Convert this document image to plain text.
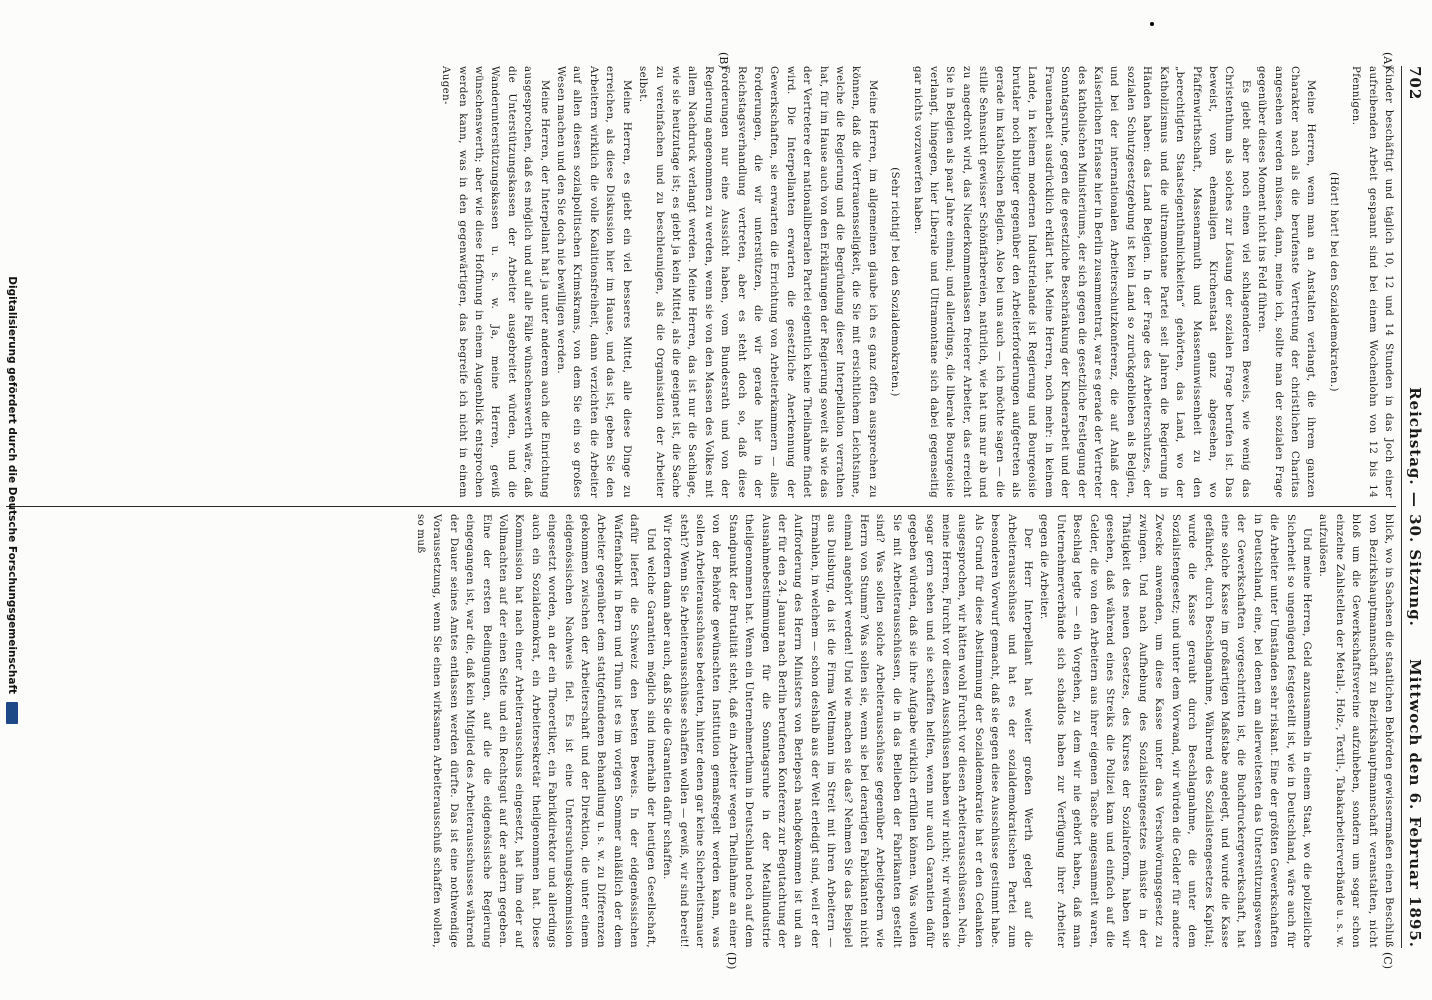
702
Reichstag. — 30. Sitzung.
Mittwoch den 6. Februar 1895.
(A)
(B)
(C)
(D)

Kinder beschäftigt und täglich 10, 12 und 14 Stunden in das Joch einer aufreibenden Arbeit gespannt sind bei einem Wochenlohn von 12 bis 14 Pfennigen.

(Hört! hört! bei den Sozialdemokraten.)

Meine Herren, wenn man an Anstalten verlangt, die ihrem ganzen Charakter nach als die berufenste Vertretung der christlichen Charitas angesehen werden müssen, dann, meine ich, sollte man der sozialen Frage gegenüber dieses Moment nicht ins Feld führen.

Es giebt aber noch einen viel schlagenderen Beweis, wie wenig das Christenthum als solches zur Lösung der sozialen Frage berufen ist. Das beweist, vom ehemaligen Kirchenstaat ganz abgesehen, wo Pfaffenwirthschaft, Massenarmuth und Massenunwissenheit zu den „berechtigten Staatseigenthümlichkeiten“ gehörten, das Land, wo der Katholizismus und die ultramontane Partei seit Jahren die Regierung in Händen haben: das Land Belgien. In der Frage des Arbeiterschutzes, der sozialen Schutzgesetzgebung ist kein Land so zurückgeblieben als Belgien, und bei der internationalen Arbeiterschutzkonferenz, die auf Anlaß der Kaiserlichen Erlasse hier in Berlin zusammentrat, war es gerade der Vertreter des katholischen Ministeriums, der sich gegen die gesetzliche Festlegung der Sonntagsruhe, gegen die gesetzliche Beschränkung der Kinderarbeit und der Frauenarbeit ausdrücklich erklärt hat. Meine Herren, noch mehr: in keinem Lande, in keinem modernen Industrielande ist Regierung und Bourgeoisie brutaler noch blutiger gegenüber den Arbeiterforderungen aufgetreten als gerade im katholischen Belgien. Also bei uns auch — ich möchte sagen — die stille Sehnsucht gewisser Schönfärbereien, natürlich, wie hat uns nur ab und zu angedroht wird, das Niederkommenlassen freierer Arbeiter, das erreicht Sie in Belgien als paar Jahre einmal; und allerdings, die liberale Bourgeoisie verlangt, hingegen, hier Liberale und Ultramontane sich dabei gegenseitig gar nichts vorzuwerfen haben.

(Sehr richtig! bei den Sozialdemokraten.)

Meine Herren, im allgemeinen glaube ich es ganz offen aussprechen zu können, daß die Vertrauensseligkeit, die Sie mit ersichtlichem Leichtsinne, welche die Regierung und die Begründung dieser Interpellation verrathen hat, für im Hause auch von den Erklärungen der Regierung soweit als wie das der Vertretere der nationalliberalen Partei eigentlich keine Theilnahme findet wird. Die Interpellanten erwarten die gesetzliche Anerkennung der Gewerkschaften, sie erwarten die Errichtung von Arbeiterkammern — alles Forderungen, die wir unterstützen, die wir gerade hier in der Reichstagsverhandlung vertreten, aber es steht doch so, daß diese Forderungen nur eine Aussicht haben, vom Bundesrath und von der Regierung angenommen zu werden, wenn sie von den Massen des Volkes mit allem Nachdruck verlangt werden. Meine Herren, das ist nur die Sachlage, wie sie heutzutage ist; es giebt ja kein Mittel, als die geeignet ist, die Sache zu vereinfachen und zu beschleunigen, als die Organisation der Arbeiter selbst.

Meine Herren, es giebt ein viel besseres Mittel, alle diese Dinge zu erreichen, als diese Diskussion hier im Hause, und das ist, geben Sie den Arbeitern wirklich die volle Koalitionsfreiheit, dann verzichten die Arbeiter auf allen diesen sozialpolitischen Krimskrams, von dem Sie ein so großes Wesen machen und den Sie doch nie bewilligen werden.

Meine Herren, der Interpellant hat ja unter anderem auch die Einrichtung ausgesprochen, daß es möglich und auf alle Fälle wünschenswerth wäre, daß die Unterstützungskassen der Arbeiter ausgebreitet würden, und die Wanderunterstützungskassen u. s. w. Ja, meine Herren, gewiß wünschenswerth; aber wie diese Hoffnung in einem Augenblick entsprochen werden kann, was in den gegenwärtigen, das begreife ich nicht in einem Augen-

blick, wo in Sachsen die staatlichen Behörden gewissermaßen einen Beschluß von Bezirkshauptmannschaft zu Bezirkshauptmannschaft veranstalten, nicht bloß um die Gewerkschaftsvereine aufzuheben, sondern um sogar schon einzelne Zahlstellen der Metall-, Holz-, Textil-, Tabakarbeiterverbände u. s. w. aufzulösen.

Und meine Herren, Geld anzusammeln in einem Staat, wo die polizeiliche Sicherheit so ungenügend festgestellt ist, wie in Deutschland, wäre auch für die Arbeiter unter Umständen sehr riskant. Eine der größten Gewerkschaften in Deutschland, eine, bei denen am allerweitesten das Unterstützungswesen der Gewerkschaften vorgeschritten ist, die Buchdruckergewerkschaft, hat eine solche Kasse im großartigen Maßstabe angelegt, und wurde die Kasse gefährdet, durch Beschlagnahme, Während des Sozialistengesetzes Kapital; wurde die Kasse geraubt durch Beschlagnahme, die unter dem Sozialistengesetz; und unter dem Vorwand, wir würden die Gelder für andere Zwecke anwenden, um diese Kasse unter das Verschwörungsgesetz zu zwingen. Und nach Aufhebung des Sozialistengesetzes müsste in der Thätigkeit des neuen Gesetzes, des Kurses der Sozialreform, haben wir gesehen, daß während eines Streiks die Polizei kam und einfach auf die Gelder, die von den Arbeitern aus ihrer eigenen Tasche angesammelt waren, Beschlag legte — ein Vorgehen, zu dem wir nie gehört haben, daß man Unternehmerverbände sich schadlos haben zur Verfügung ihrer Arbeiter gegen die Arbeiter.

Der Herr Interpellant hat weiter großen Werth gelegt auf die Arbeiterausschüsse und hat es der sozialdemokratischen Partei zum besonderen Vorwurf gemacht, daß sie gegen diese Ausschüsse gestimmt habe. Als Grund für diese Abstimmung der Sozialdemokratie hat er den Gedanken ausgesprochen, wir hätten wohl Furcht vor diesen Arbeiterausschüssen. Nein, meine Herren, Furcht vor diesen Ausschüssen haben wir nicht; wir würden sie sogar gern sehen und sie schaffen helfen, wenn nur auch Garantien dafür gegeben würden, daß sie ihre Aufgabe wirklich erfüllen können. Was wollen Sie mit Arbeiterausschüssen, die in das Belieben der Fabrikanten gestellt sind? Was sollen solche Arbeiterausschüsse gegenüber Arbeitgebern wie Herrn von Stumm? Was sollen sie, wenn sie bei derartigen Fabrikanten nicht einmal angehört werden! Und wie machen sie das? Nehmen Sie das Beispiel aus Duisburg, da ist die Firma Weltmann im Streit mit ihren Arbeitern — Ermahlen, in welchem — schon deshalb aus der Welt erledigt sind, weil er der Aufforderung des Herrn Ministers von Berlepsch nachgekommen ist und an der für den 24. Januar nach Berlin berufenen Konferenz zur Begutachtung der Ausnahmebestimmungen für die Sonntagsruhe in der Metallindustrie theilgenommen hat. Wenn ein Unternehmerthum in Deutschland noch auf dem Standpunkt der Brutalität steht, daß ein Arbeiter wegen Theilnahme an einer von der Behörde gewünschten Institution gemaßregelt werden kann, was sollen Arbeiterausschüsse bedeuten, hinter denen gar keine Sicherheitsmauer steht? Wenn Sie Arbeiterausschüsse schaffen wollen — gewiß, wir sind bereit! Wir fordern dann aber auch, daß Sie die Garantien dafür schaffen.

Und welche Garantien möglich sind innerhalb der heutigen Gesellschaft, dafür liefert die Schweiz den besten Beweis. In der eidgenössischen Waffenfabrik in Bern und Thun ist es im vorigen Sommer anläßlich der dem Arbeiter gegenüber dem stattgefundenen Behandlung u. s. w. zu Differenzen gekommen zwischen der Arbeiterschaft und der Direktion, die unter einem eidgenössischen Nachweis fiel. Es ist eine Untersuchungskommission eingesetzt worden, an der ein Theoretiker, ein Fabrikdirektor und allerdings auch ein Sozialdemokrat, ein Arbeitersekretär theilgenommen hat. Diese Kommission hat nach einer Arbeiterausschuss eingesetzt, hat ihm oder auf Vollmachten auf der einen Seite und ein Rechtsgut auf der andern gegeben. Eine der ersten Bedingungen, auf die die eidgenössische Regierung eingegangen ist, war die, daß kein Mitglied des Arbeiterausschusses während der Dauer seines Amtes entlassen werden dürfte. Das ist eine nothwendige Voraussetzung, wenn Sie einen wirksamen Arbeiterausschuß schaffen wollen, so muß

Digitalisierung gefördert durch die Deutsche Forschungsgemeinschaft
